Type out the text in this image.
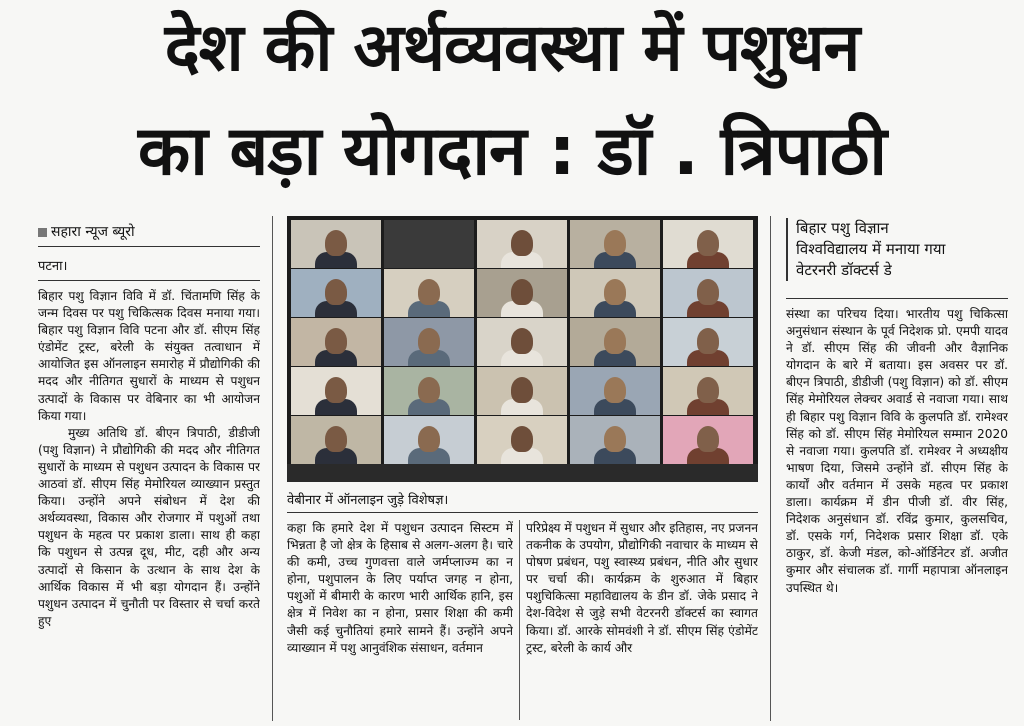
देश की अर्थव्यवस्था में पशुधन
का बड़ा योगदान : डॉ . त्रिपाठी
सहारा न्यूज ब्यूरो
पटना।

बिहार पशु विज्ञान विवि में डॉ. चिंतामणि सिंह के जन्म दिवस पर पशु चिकित्सक दिवस मनाया गया। बिहार पशु विज्ञान विवि पटना और डॉ. सीएम सिंह एंडोमेंट ट्रस्ट, बरेली के संयुक्त तत्वाधान में आयोजित इस ऑनलाइन समारोह में प्रौद्योगिकी की मदद और नीतिगत सुधारों के माध्यम से पशुधन उत्पादों के विकास पर वेबिनार का भी आयोजन किया गया।

मुख्य अतिथि डॉ. बीएन त्रिपाठी, डीडीजी (पशु विज्ञान) ने प्रौद्योगिकी की मदद और नीतिगत सुधारों के माध्यम से पशुधन उत्पादन के विकास पर आठवां डॉ. सीएम सिंह मेमोरियल व्याख्यान प्रस्तुत किया। उन्होंने अपने संबोधन में देश की अर्थव्यवस्था, विकास और रोजगार में पशुओं तथा पशुधन के महत्व पर प्रकाश डाला। साथ ही कहा कि पशुधन से उत्पन्न दूध, मीट, दही और अन्य उत्पादों से किसान के उत्थान के साथ देश के आर्थिक विकास में भी बड़ा योगदान हैं। उन्होंने पशुधन उत्पादन में चुनौती पर विस्तार से चर्चा करते हुए

वेबीनार में ऑनलाइन जुड़े विशेषज्ञ।
बिहार पशु विज्ञान
विश्वविद्यालय में मनाया गया
वेटरनरी डॉक्टर्स डे

कहा कि हमारे देश में पशुधन उत्पादन सिस्टम में भिन्नता है जो क्षेत्र के हिसाब से अलग-अलग है। चारे की कमी, उच्च गुणवत्ता वाले जर्मप्लाज्म का न होना, पशुपालन के लिए पर्याप्त जगह न होना, पशुओं में बीमारी के कारण भारी आर्थिक हानि, इस क्षेत्र में निवेश का न होना, प्रसार शिक्षा की कमी जैसी कई चुनौतियां हमारे सामने हैं। उन्होंने अपने व्याख्यान में पशु आनुवंशिक संसाधन, वर्तमान

परिप्रेक्ष्य में पशुधन में सुधार और इतिहास, नए प्रजनन तकनीक के उपयोग, प्रौद्योगिकी नवाचार के माध्यम से पोषण प्रबंधन, पशु स्वास्थ्य प्रबंधन, नीति और सुधार पर चर्चा की। कार्यक्रम के शुरुआत में बिहार पशुचिकित्सा महाविद्यालय के डीन डॉ. जेके प्रसाद ने देश-विदेश से जुड़े सभी वेटरनरी डॉक्टर्स का स्वागत किया। डॉ. आरके सोमवंशी ने डॉ. सीएम सिंह एंडोमेंट ट्रस्ट, बरेली के कार्य और

संस्था का परिचय दिया। भारतीय पशु चिकित्सा अनुसंधान संस्थान के पूर्व निदेशक प्रो. एमपी यादव ने डॉ. सीएम सिंह की जीवनी और वैज्ञानिक योगदान के बारे में बताया। इस अवसर पर डॉ. बीएन त्रिपाठी, डीडीजी (पशु विज्ञान) को डॉ. सीएम सिंह मेमोरियल लेक्चर अवार्ड से नवाजा गया। साथ ही बिहार पशु विज्ञान विवि के कुलपति डॉ. रामेश्वर सिंह को डॉ. सीएम सिंह मेमोरियल सम्मान 2020 से नवाजा गया। कुलपति डॉ. रामेश्वर ने अध्यक्षीय भाषण दिया, जिसमे उन्होंने डॉ. सीएम सिंह के कार्यों और वर्तमान में उसके महत्व पर प्रकाश डाला। कार्यक्रम में डीन पीजी डॉ. वीर सिंह, निदेशक अनुसंधान डॉ. रविंद्र कुमार, कुलसचिव, डॉ. एसके गर्ग, निदेशक प्रसार शिक्षा डॉ. एके ठाकुर, डॉ. केजी मंडल, को-ऑर्डिनेटर डॉ. अजीत कुमार और संचालक डॉ. गार्गी महापात्रा ऑनलाइन उपस्थित थे।
